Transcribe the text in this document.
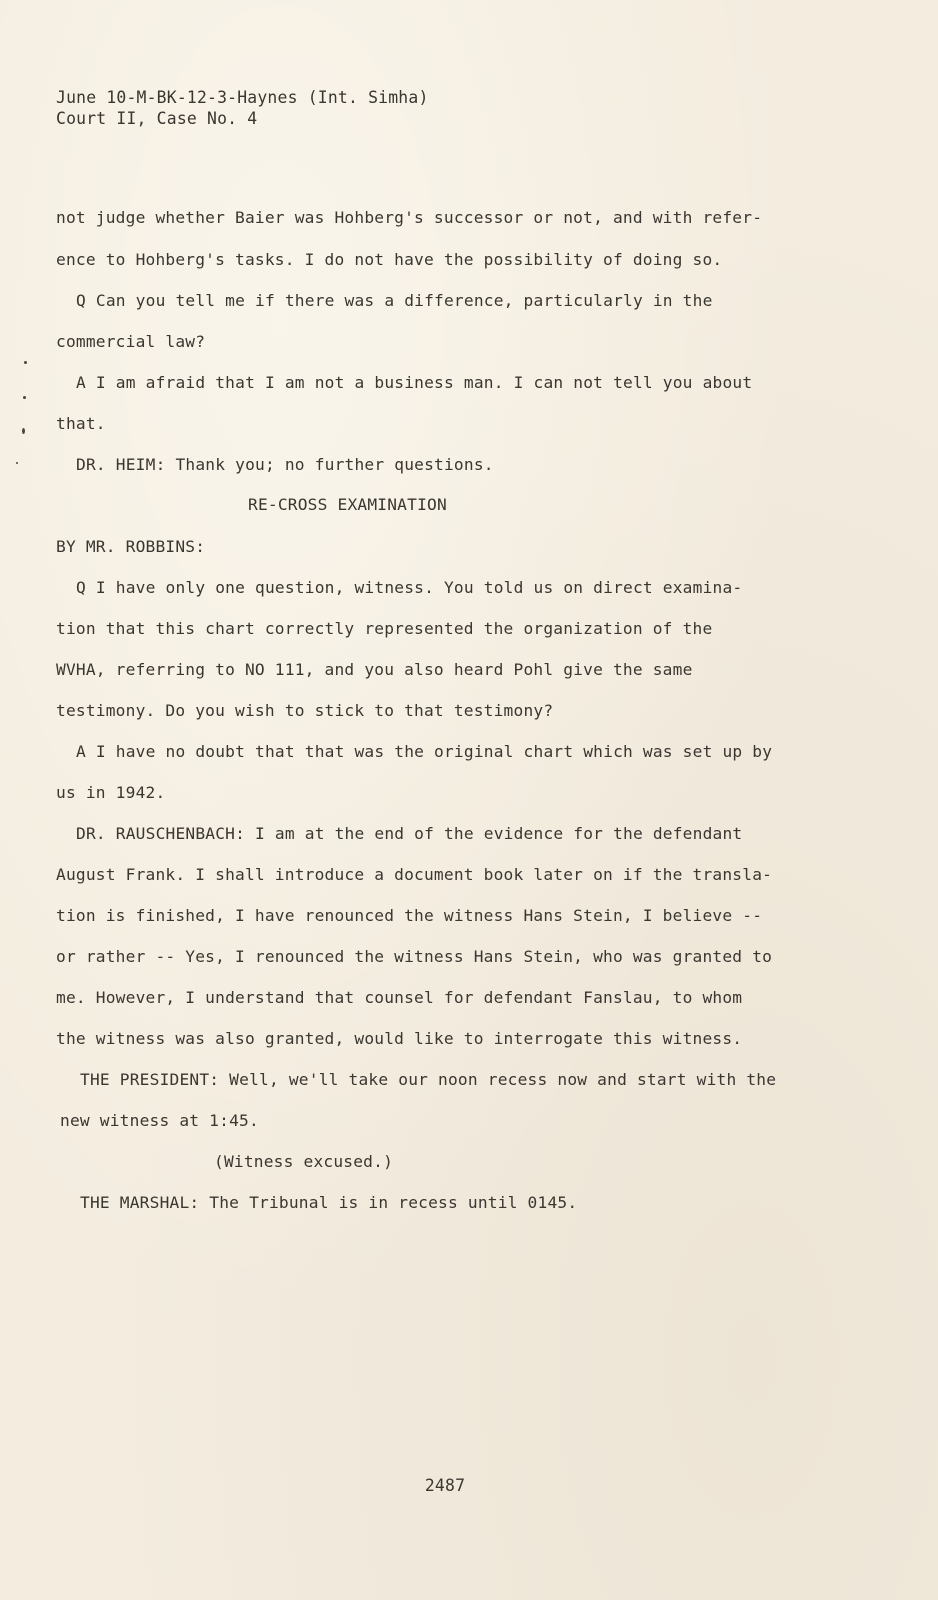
June 10-M-BK-12-3-Haynes (Int. Simha)
Court II, Case No. 4
not judge whether Baier was Hohberg's successor or not, and with refer-
ence to Hohberg's tasks. I do not have the possibility of doing so.
Q Can you tell me if there was a difference, particularly in the
commercial law?
A I am afraid that I am not a business man. I can not tell you about
that.
DR. HEIM: Thank you; no further questions.
RE-CROSS EXAMINATION
BY MR. ROBBINS:
Q I have only one question, witness. You told us on direct examina-
tion that this chart correctly represented the organization of the
WVHA, referring to NO 111, and you also heard Pohl give the same
testimony. Do you wish to stick to that testimony?
A I have no doubt that that was the original chart which was set up by
us in 1942.
DR. RAUSCHENBACH: I am at the end of the evidence for the defendant
August Frank. I shall introduce a document book later on if the transla-
tion is finished, I have renounced the witness Hans Stein, I believe --
or rather -- Yes, I renounced the witness Hans Stein, who was granted to
me. However, I understand that counsel for defendant Fanslau, to whom
the witness was also granted, would like to interrogate this witness.
THE PRESIDENT: Well, we'll take our noon recess now and start with the
new witness at 1:45.
(Witness excused.)
THE MARSHAL: The Tribunal is in recess until 0145.
2487
